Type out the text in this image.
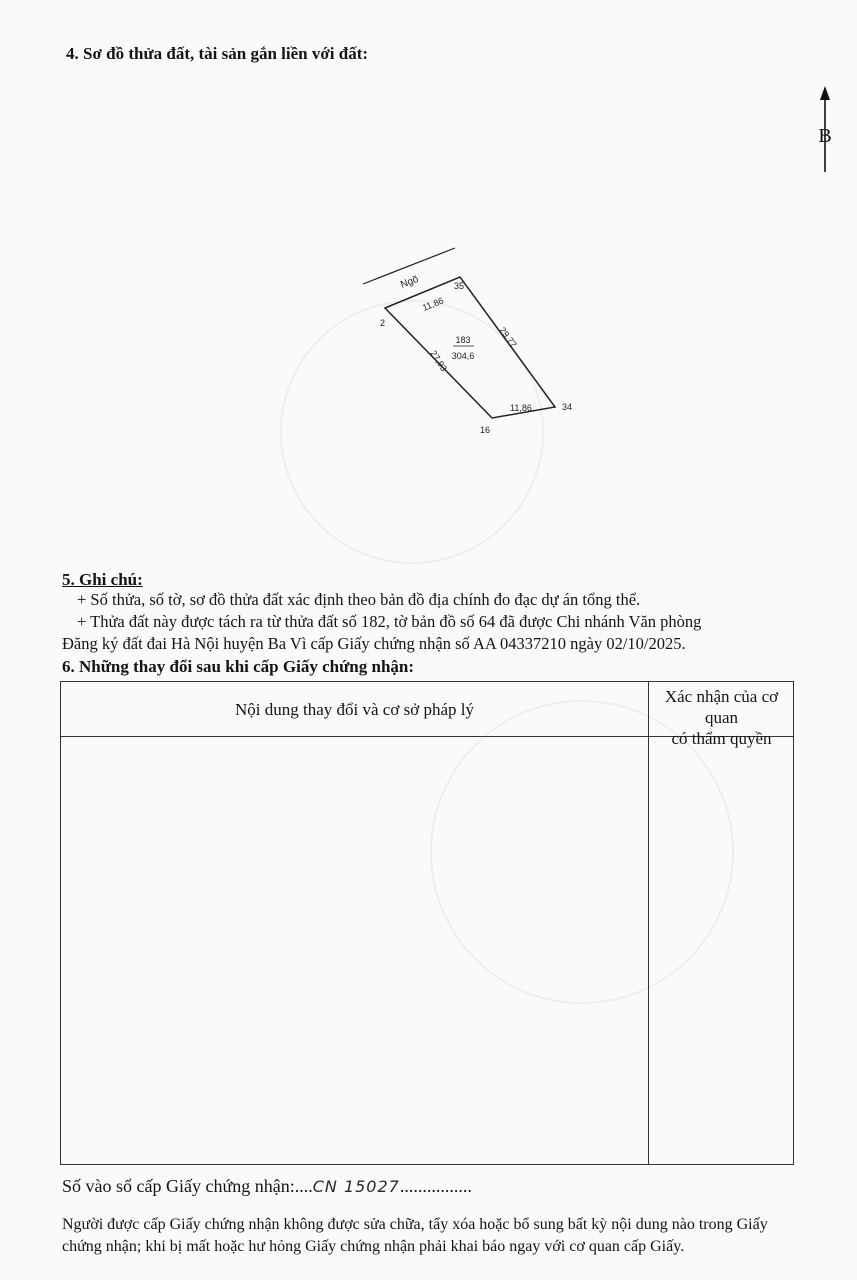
4. Sơ đồ thửa đất, tài sản gắn liền với đất:
B
Ngõ
183
304,6
2
35
34
16
11,86
29,77
11,86
27,93
5. Ghi chú:
+ Số thửa, số tờ, sơ đồ thửa đất xác định theo bản đồ địa chính đo đạc dự án tổng thể.
+ Thửa đất này được tách ra từ thửa đất số 182, tờ bản đồ số 64 đã được Chi nhánh Văn phòng
Đăng ký đất đai Hà Nội huyện Ba Vì cấp Giấy chứng nhận số AA 04337210 ngày 02/10/2025.
6. Những thay đổi sau khi cấp Giấy chứng nhận:
Nội dung thay đổi và cơ sở pháp lý
Xác nhận của cơ quan
có thẩm quyền
Số vào sổ cấp Giấy chứng nhận:....CN 15027................
Người được cấp Giấy chứng nhận không được sửa chữa, tẩy xóa hoặc bổ sung bất kỳ nội dung nào trong Giấy chứng nhận; khi bị mất hoặc hư hỏng Giấy chứng nhận phải khai báo ngay với cơ quan cấp Giấy.
